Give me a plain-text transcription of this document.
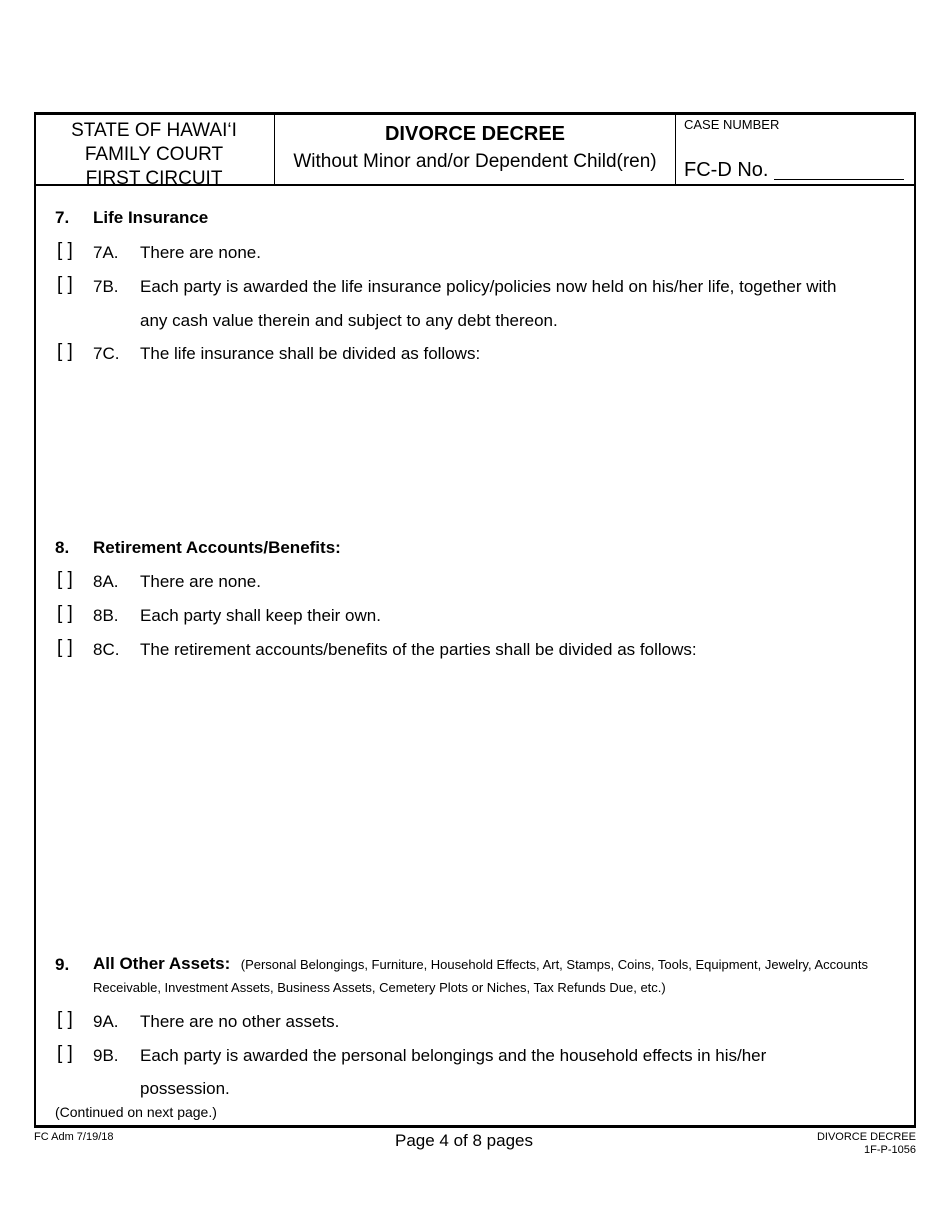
STATE OF HAWAI‘I
FAMILY COURT
FIRST CIRCUIT
DIVORCE DECREE
Without Minor and/or Dependent Child(ren)
CASE NUMBER
FC-D No.
7. Life Insurance
[ ] 7A. There are none.
[ ] 7B. Each party is awarded the life insurance policy/policies now held on his/her life, together with
any cash value therein and subject to any debt thereon.
[ ] 7C. The life insurance shall be divided as follows:
8. Retirement Accounts/Benefits:
[ ] 8A. There are none.
[ ] 8B. Each party shall keep their own.
[ ] 8C. The retirement accounts/benefits of the parties shall be divided as follows:
9. All Other Assets: (Personal Belongings, Furniture, Household Effects, Art, Stamps, Coins, Tools, Equipment, Jewelry, Accounts
Receivable, Investment Assets, Business Assets, Cemetery Plots or Niches, Tax Refunds Due, etc.)
[ ] 9A. There are no other assets.
[ ] 9B. Each party is awarded the personal belongings and the household effects in his/her
possession.
(Continued on next page.)
FC Adm 7/19/18	Page 4 of 8 pages	DIVORCE DECREE
1F-P-1056
